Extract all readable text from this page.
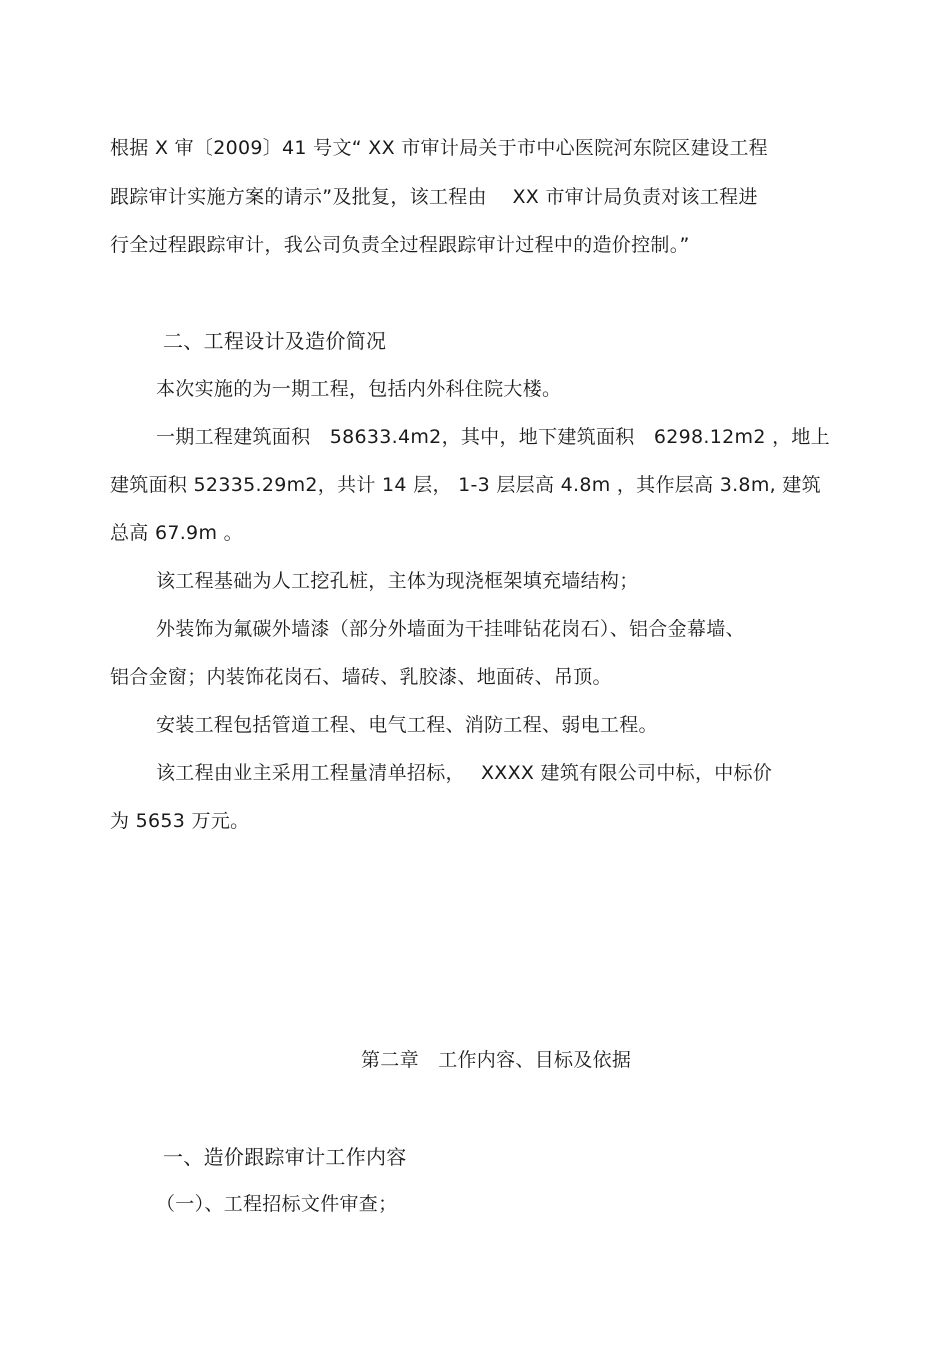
根据 X 审〔2009〕41 号文“ XX 市审计局关于市中心医院河东院区建设工程
跟踪审计实施方案的请示”及批复，该工程由　 XX 市审计局负责对该工程进
行全过程跟踪审计，我公司负责全过程跟踪审计过程中的造价控制。”
二、工程设计及造价简况
本次实施的为一期工程，包括内外科住院大楼。
一期工程建筑面积　58633.4m2，其中，地下建筑面积　6298.12m2 ，地上
建筑面积 52335.29m2，共计 14 层， 1-3 层层高 4.8m ，其作层高 3.8m, 建筑
总高 67.9m 。
该工程基础为人工挖孔桩，主体为现浇框架填充墙结构；
外装饰为氟碳外墙漆（部分外墙面为干挂啡钻花岗石）、铝合金幕墙、
铝合金窗；内装饰花岗石、墙砖、乳胶漆、地面砖、吊顶。
安装工程包括管道工程、电气工程、消防工程、弱电工程。
该工程由业主采用工程量清单招标，　 XXXX 建筑有限公司中标，中标价
为 5653 万元。
第二章　工作内容、目标及依据
一、造价跟踪审计工作内容
（一）、工程招标文件审查；
